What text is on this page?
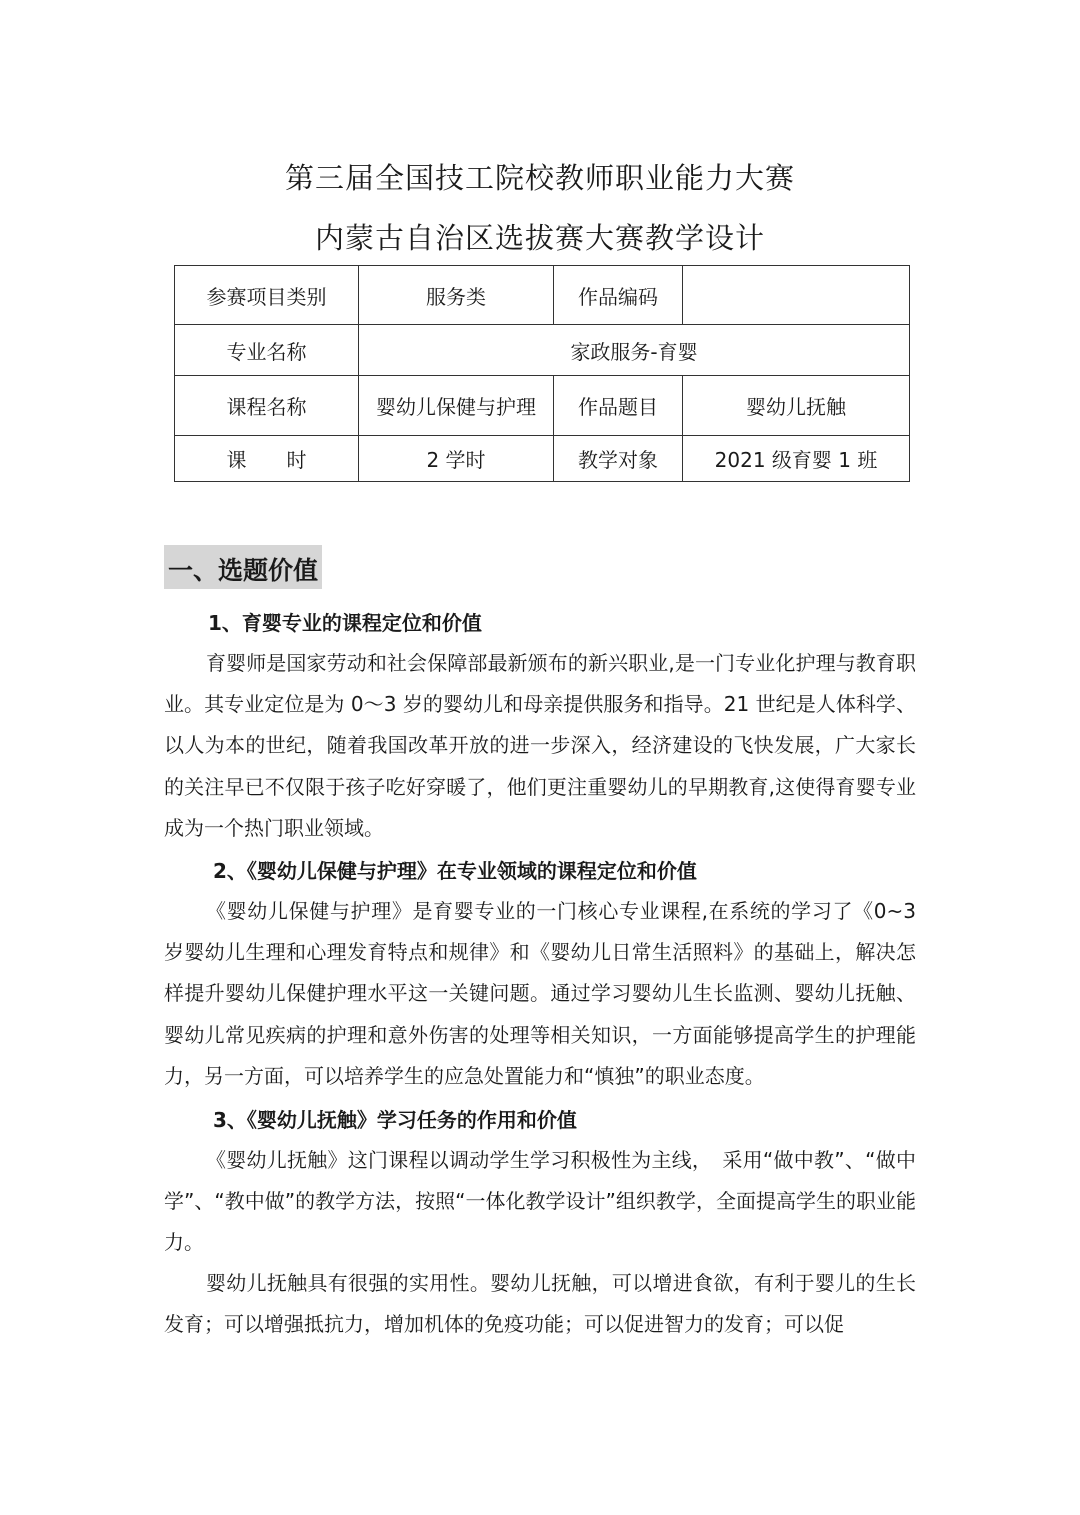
第三届全国技工院校教师职业能力大赛
内蒙古自治区选拔赛大赛教学设计
参赛项目类别	服务类	作品编码	
专业名称	家政服务-育婴		
课程名称	婴幼儿保健与护理	作品题目	婴幼儿抚触
课　　时	2 学时	教学对象	2021 级育婴 1 班
一、选题价值
1、育婴专业的课程定位和价值
育婴师是国家劳动和社会保障部最新颁布的新兴职业,是一门专业化护理与教育职业。其专业定位是为 0～3 岁的婴幼儿和母亲提供服务和指导。21 世纪是人体科学、以人为本的世纪，随着我国改革开放的进一步深入，经济建设的飞快发展，广大家长的关注早已不仅限于孩子吃好穿暖了，他们更注重婴幼儿的早期教育,这使得育婴专业成为一个热门职业领域。
2、《婴幼儿保健与护理》在专业领域的课程定位和价值
《婴幼儿保健与护理》是育婴专业的一门核心专业课程,在系统的学习了《0~3 岁婴幼儿生理和心理发育特点和规律》和《婴幼儿日常生活照料》的基础上，解决怎样提升婴幼儿保健护理水平这一关键问题。通过学习婴幼儿生长监测、婴幼儿抚触、婴幼儿常见疾病的护理和意外伤害的处理等相关知识，一方面能够提高学生的护理能力，另一方面，可以培养学生的应急处置能力和“慎独”的职业态度。
3、《婴幼儿抚触》学习任务的作用和价值
《婴幼儿抚触》这门课程以调动学生学习积极性为主线，　采用“做中教”、“做中学”、“教中做”的教学方法，按照“一体化教学设计”组织教学，全面提高学生的职业能力。
婴幼儿抚触具有很强的实用性。婴幼儿抚触，可以增进食欲，有利于婴儿的生长发育；可以增强抵抗力，增加机体的免疫功能；可以促进智力的发育；可以促
